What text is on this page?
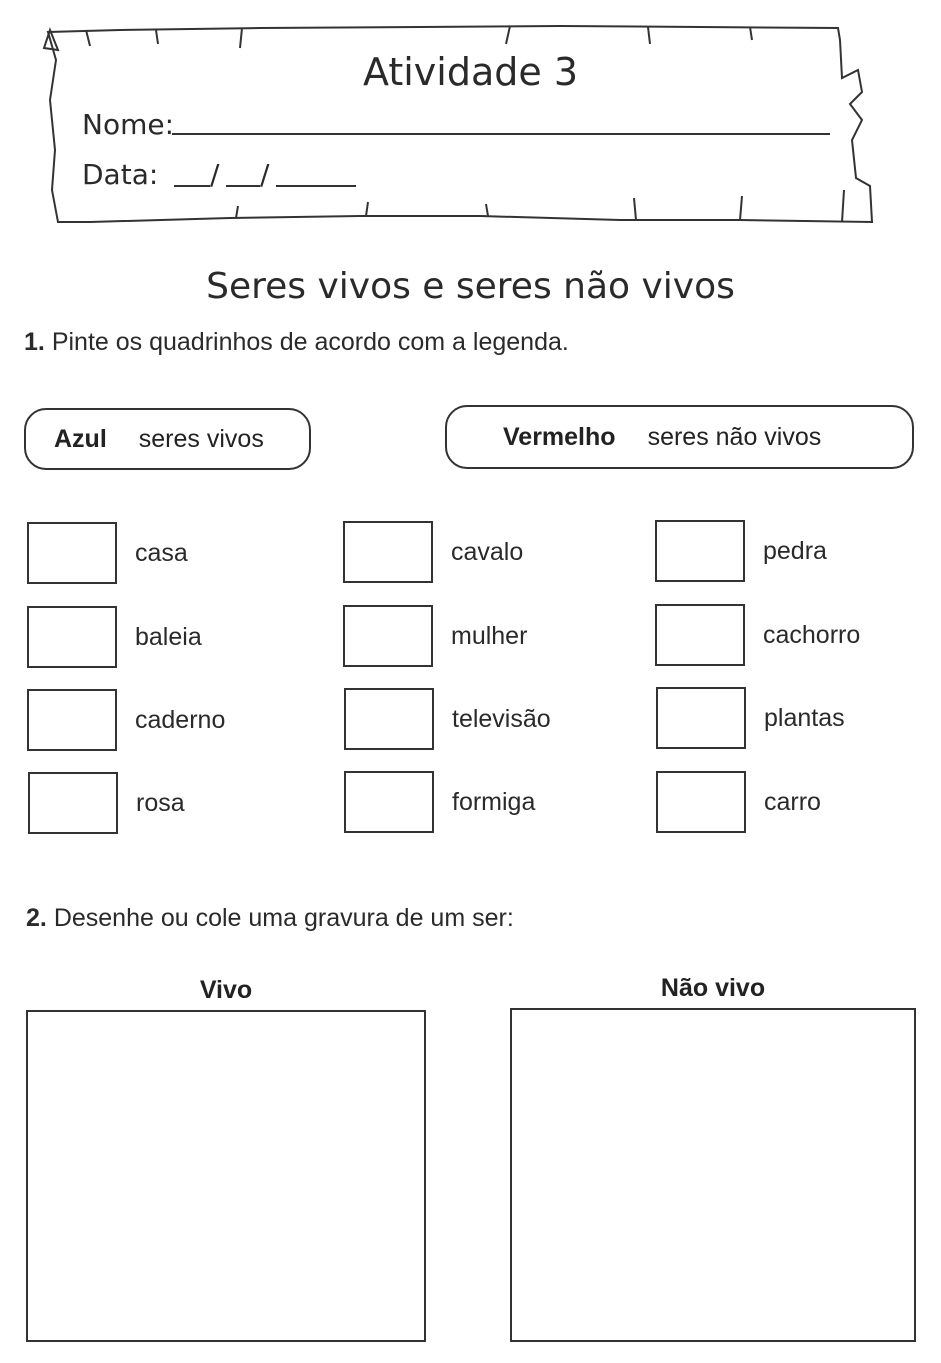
Atividade 3
Nome:
Data: / /
Seres vivos e seres não vivos
1. Pinte os quadrinhos de acordo com a legenda.
Azul seres vivos	Vermelho seres não vivos
casa	cavalo	pedra
baleia	mulher	cachorro
caderno	televisão	plantas
rosa	formiga	carro
2. Desenhe ou cole uma gravura de um ser:
Vivo	Não vivo
